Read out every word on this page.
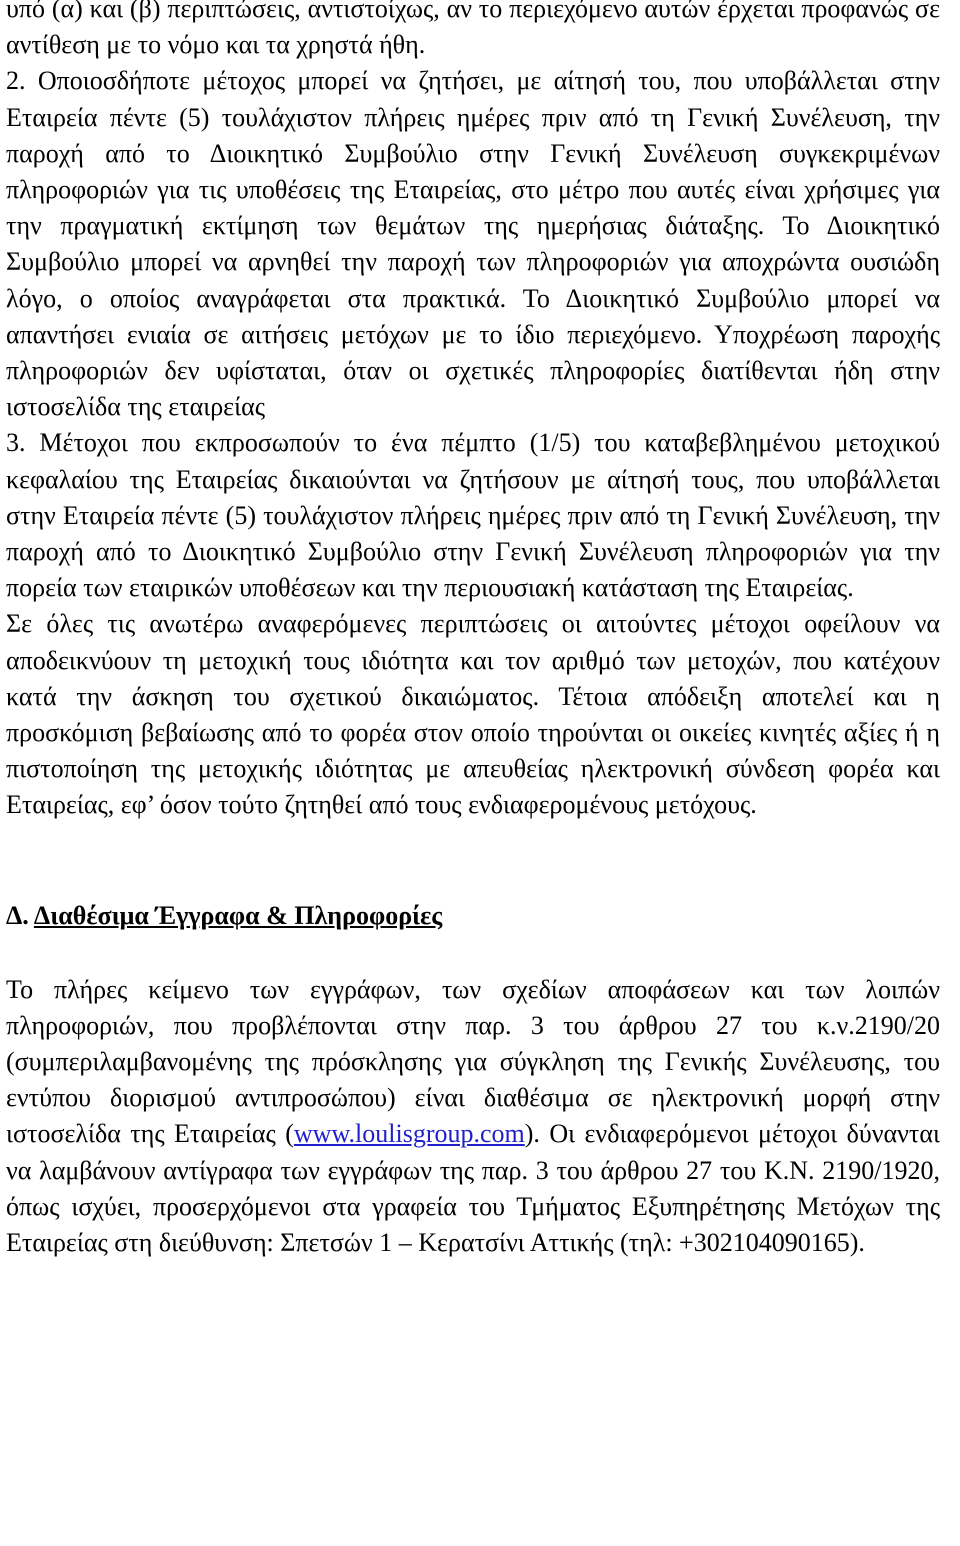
υπό (α) και (β) περιπτώσεις, αντιστοίχως, αν το περιεχόμενο αυτών έρχεται προφανώς σε αντίθεση με το νόμο και τα χρηστά ήθη.

2. Οποιοσδήποτε μέτοχος μπορεί να ζητήσει, με αίτησή του, που υποβάλλεται στην Εταιρεία πέντε (5) τουλάχιστον πλήρεις ημέρες πριν από τη Γενική Συνέλευση, την παροχή από το Διοικητικό Συμβούλιο στην Γενική Συνέλευση συγκεκριμένων πληροφοριών για τις υποθέσεις της Εταιρείας, στο μέτρο που αυτές είναι χρήσιμες για την πραγματική εκτίμηση των θεμάτων της ημερήσιας διάταξης. Το Διοικητικό Συμβούλιο μπορεί να αρνηθεί την παροχή των πληροφοριών για αποχρώντα ουσιώδη λόγο, ο οποίος αναγράφεται στα πρακτικά. Το Διοικητικό Συμβούλιο μπορεί να απαντήσει ενιαία σε αιτήσεις μετόχων με το ίδιο περιεχόμενο. Υποχρέωση παροχής πληροφοριών δεν υφίσταται, όταν οι σχετικές πληροφορίες διατίθενται ήδη στην ιστοσελίδα της εταιρείας

3. Μέτοχοι που εκπροσωπούν το ένα πέμπτο (1/5) του καταβεβλημένου μετοχικού κεφαλαίου της Εταιρείας δικαιούνται να ζητήσουν με αίτησή τους, που υποβάλλεται στην Εταιρεία πέντε (5) τουλάχιστον πλήρεις ημέρες πριν από τη Γενική Συνέλευση, την παροχή από το Διοικητικό Συμβούλιο στην Γενική Συνέλευση πληροφοριών για την πορεία των εταιρικών υποθέσεων και την περιουσιακή κατάσταση της Εταιρείας.

Σε όλες τις ανωτέρω αναφερόμενες περιπτώσεις οι αιτούντες μέτοχοι οφείλουν να αποδεικνύουν τη μετοχική τους ιδιότητα και τον αριθμό των μετοχών, που κατέχουν κατά την άσκηση του σχετικού δικαιώματος. Τέτοια απόδειξη αποτελεί και η προσκόμιση βεβαίωσης από το φορέα στον οποίο τηρούνται οι οικείες κινητές αξίες ή η πιστοποίηση της μετοχικής ιδιότητας με απευθείας ηλεκτρονική σύνδεση φορέα και Εταιρείας, εφ’ όσον τούτο ζητηθεί από τους ενδιαφερομένους μετόχους.

Δ. Διαθέσιμα Έγγραφα & Πληροφορίες

Το πλήρες κείμενο των εγγράφων, των σχεδίων αποφάσεων και των λοιπών πληροφοριών, που προβλέπονται στην παρ. 3 του άρθρου 27 του κ.ν.2190/20 (συμπεριλαμβανομένης της πρόσκλησης για σύγκληση της Γενικής Συνέλευσης, του εντύπου διορισμού αντιπροσώπου) είναι διαθέσιμα σε ηλεκτρονική μορφή στην ιστοσελίδα της Εταιρείας (www.loulisgroup.com). Οι ενδιαφερόμενοι μέτοχοι δύνανται να λαμβάνουν αντίγραφα των εγγράφων της παρ. 3 του άρθρου 27 του Κ.Ν. 2190/1920, όπως ισχύει, προσερχόμενοι στα γραφεία του Τμήματος Εξυπηρέτησης Μετόχων της Εταιρείας στη διεύθυνση: Σπετσών 1 – Κερατσίνι Αττικής (τηλ: +302104090165).
